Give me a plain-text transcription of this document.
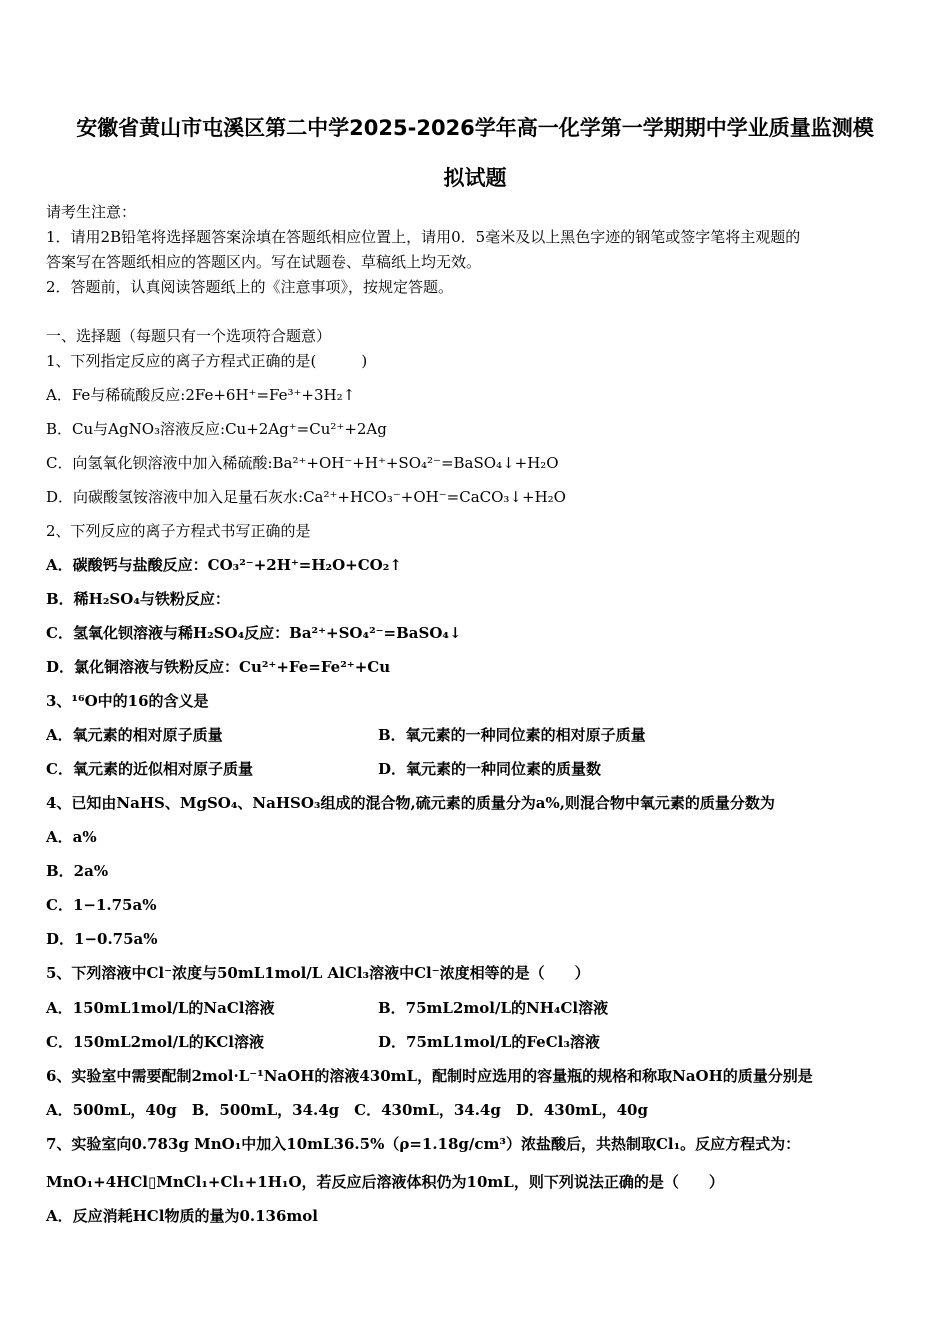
安徽省黄山市屯溪区第二中学2025-2026学年高一化学第一学期期中学业质量监测模
拟试题
请考生注意：
1．请用2B铅笔将选择题答案涂填在答题纸相应位置上，请用0．5毫米及以上黑色字迹的钢笔或签字笔将主观题的
答案写在答题纸相应的答题区内。写在试题卷、草稿纸上均无效。
2．答题前，认真阅读答题纸上的《注意事项》，按规定答题。
一、选择题（每题只有一个选项符合题意）
1、下列指定反应的离子方程式正确的是(　　　)
A．Fe与稀硫酸反应:2Fe+6H⁺=Fe³⁺+3H₂↑
B．Cu与AgNO₃溶液反应:Cu+2Ag⁺=Cu²⁺+2Ag
C．向氢氧化钡溶液中加入稀硫酸:Ba²⁺+OH⁻+H⁺+SO₄²⁻=BaSO₄↓+H₂O
D．向碳酸氢铵溶液中加入足量石灰水:Ca²⁺+HCO₃⁻+OH⁻=CaCO₃↓+H₂O
2、下列反应的离子方程式书写正确的是
A．碳酸钙与盐酸反应：CO₃²⁻+2H⁺=H₂O+CO₂↑
B．稀H₂SO₄与铁粉反应：
C．氢氧化钡溶液与稀H₂SO₄反应：Ba²⁺+SO₄²⁻=BaSO₄↓
D．氯化铜溶液与铁粉反应：Cu²⁺+Fe=Fe²⁺+Cu
3、¹⁶O中的16的含义是
A．氧元素的相对原子质量	B．氧元素的一种同位素的相对原子质量
C．氧元素的近似相对原子质量	D．氧元素的一种同位素的质量数
4、已知由NaHS、MgSO₄、NaHSO₃组成的混合物,硫元素的质量分为a%,则混合物中氧元素的质量分数为
A．a%
B．2a%
C．1−1.75a%
D．1−0.75a%
5、下列溶液中Cl⁻浓度与50mL1mol/L AlCl₃溶液中Cl⁻浓度相等的是（　　）
A．150mL1mol/L的NaCl溶液	B．75mL2mol/L的NH₄Cl溶液
C．150mL2mol/L的KCl溶液	D．75mL1mol/L的FeCl₃溶液
6、实验室中需要配制2mol·L⁻¹NaOH的溶液430mL，配制时应选用的容量瓶的规格和称取NaOH的质量分别是
A．500mL，40g　B．500mL，34.4g　C．430mL，34.4g　D．430mL，40g
7、实验室向0.783g MnO₁中加入10mL36.5%（ρ=1.18g/cm³）浓盐酸后，共热制取Cl₁。反应方程式为：
MnO₁+4HCl▯MnCl₁+Cl₁+1H₁O，若反应后溶液体积仍为10mL，则下列说法正确的是（　　）
A．反应消耗HCl物质的量为0.136mol
